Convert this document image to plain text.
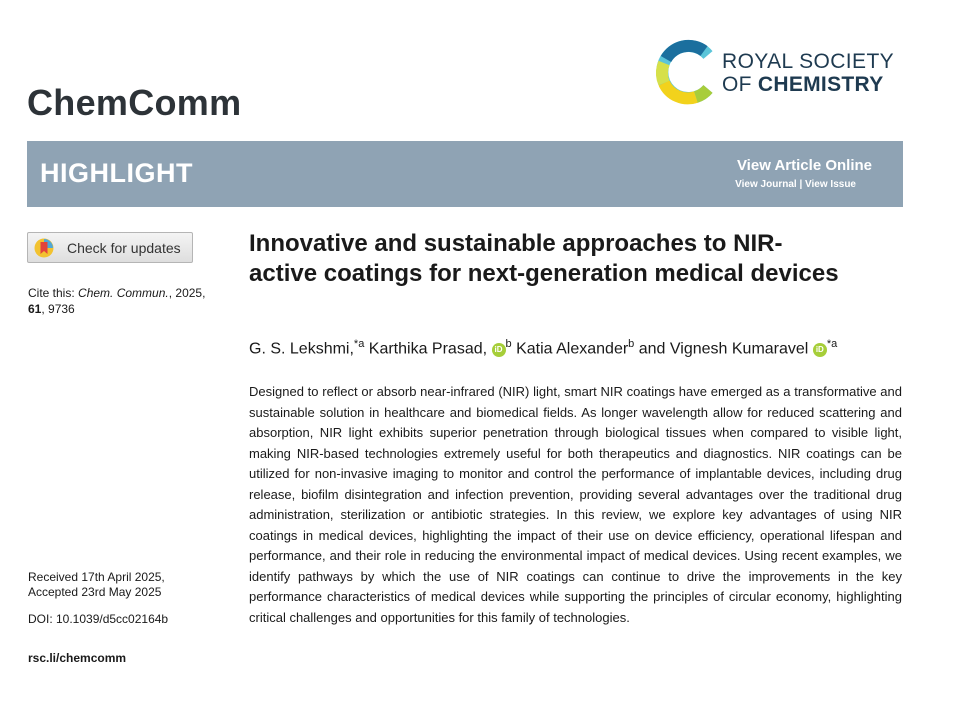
ChemComm
ROYAL SOCIETY
OF CHEMISTRY
HIGHLIGHT	View Article Online
View Journal | View Issue
Check for updates
Cite this: Chem. Commun., 2025,
61, 9736
Received 17th April 2025,
Accepted 23rd May 2025
DOI: 10.1039/d5cc02164b
rsc.li/chemcomm
Innovative and sustainable approaches to NIR-active coatings for next-generation medical devices
G. S. Lekshmi,$^{*a}$ Karthika Prasad, iD $^b$ Katia Alexander$^b$ and Vignesh Kumaravel iD $^{*a}$
Designed to reflect or absorb near-infrared (NIR) light, smart NIR coatings have emerged as a transformative and sustainable solution in healthcare and biomedical fields. As longer wavelength allow for reduced scattering and absorption, NIR light exhibits superior penetration through biological tissues when compared to visible light, making NIR-based technologies extremely useful for both therapeutics and diagnostics. NIR coatings can be utilized for non-invasive imaging to monitor and control the performance of implantable devices, including drug release, biofilm disintegration and infection prevention, providing several advantages over the traditional drug administration, sterilization or antibiotic strategies. In this review, we explore key advantages of using NIR coatings in medical devices, highlighting the impact of their use on device efficiency, operational lifespan and performance, and their role in reducing the environmental impact of medical devices. Using recent examples, we identify pathways by which the use of NIR coatings can continue to drive the improvements in the key performance characteristics of medical devices while supporting the principles of circular economy, highlighting critical challenges and opportunities for this family of technologies.
